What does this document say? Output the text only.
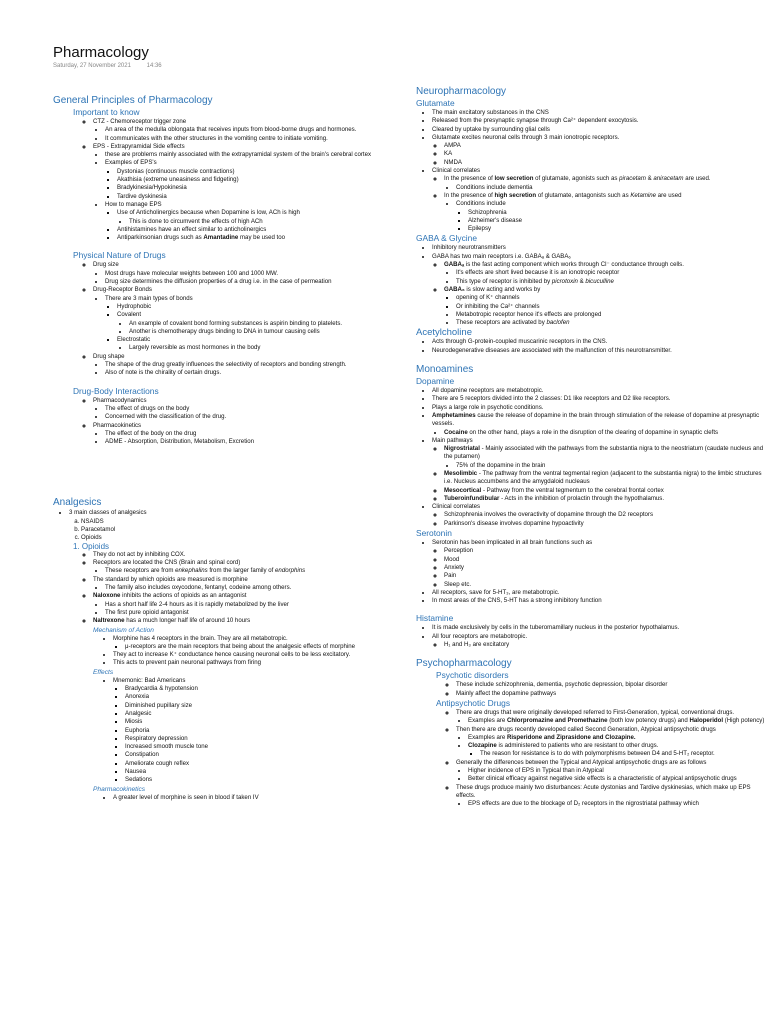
Pharmacology
Saturday, 27 November 2021	14:36
General Principles of Pharmacology
Important to know
◦ CTZ - Chemoreceptor trigger zone
• An area of the medulla oblongata that receives inputs from blood-borne drugs and hormones.
• It communicates with the other structures in the vomiting centre to initiate vomiting.
◦ EPS - Extrapyramidal Side effects
• these are problems mainly associated with the extrapyramidal system of the brain's cerebral cortex
• Examples of EPS's
▪ Dystonias (continuous muscle contractions)
▪ Akathisia (extreme uneasiness and fidgeting)
▪ Bradykinesia/Hypokinesia
▪ Tardive dyskinesia
• How to manage EPS
▪ Use of Anticholinergics because when Dopamine is low, ACh is high
• This is done to circumvent the effects of high ACh
▪ Antihistamines have an effect similar to anticholinergics
▪ Antiparkinsonian drugs such as Amantadine may be used too
Physical Nature of Drugs
◦ Drug size
• Most drugs have molecular weights between 100 and 1000 MW.
• Drug size determines the diffusion properties of a drug i.e. in the case of permeation
◦ Drug-Receptor Bonds
• There are 3 main types of bonds
▪ Hydrophobic
▪ Covalent
• An example of covalent bond forming substances is aspirin binding to platelets.
• Another is chemotherapy drugs binding to DNA in tumour causing cells
▪ Electrostatic
• Largely reversible as most hormones in the body
◦ Drug shape
• The shape of the drug greatly influences the selectivity of receptors and bonding strength.
• Also of note is the chirality of certain drugs.
Drug-Body Interactions
◦ Pharmacodynamics
• The effect of drugs on the body
• Concerned with the classification of the drug.
◦ Pharmacokinetics
• The effect of the body on the drug
• ADME - Absorption, Distribution, Metabolism, Excretion
Analgesics
• 3 main classes of analgesics
a. NSAIDS
b. Paracetamol
c. Opioids
1. Opioids
◦ They do not act by inhibiting COX.
◦ Receptors are located the CNS (Brain and spinal cord)
• These receptors are from enkephalins from the larger family of endorphins
◦ The standard by which opioids are measured is morphine
• The family also includes oxycodone, fentanyl, codeine among others.
◦ Naloxone inhibits the actions of opioids as an antagonist
• Has a short half life 2-4 hours as it is rapidly metabolized by the liver
• The first pure opioid antagonist
◦ Naltrexone has a much longer half life of around 10 hours
Mechanism of Action
• Morphine has 4 receptors in the brain. They are all metabotropic.
▪ μ-receptors are the main receptors that being about the analgesic effects of morphine
• They act to increase K⁺ conductance hence causing neuronal cells to be less excitatory.
• This acts to prevent pain neuronal pathways from firing
Effects
• Mnemonic: Bad Americans
▪ Bradycardia & hypotension
▪ Anorexia
▪ Diminished pupillary size
▪ Analgesic
▪ Miosis
▪ Euphoria
▪ Respiratory depression
▪ Increased smooth muscle tone
▪ Constipation
▪ Ameliorate cough reflex
▪ Nausea
▪ Sedations
Pharmacokinetics
• A greater level of morphine is seen in blood if taken IV
Neuropharmacology
Glutamate
• The main excitatory substances in the CNS
• Released from the presynaptic synapse through Ca²⁺ dependent exocytosis.
• Cleared by uptake by surrounding glial cells
• Glutamate excites neuronal cells through 3 main ionotropic receptors.
◦ AMPA
◦ KA
◦ NMDA
• Clinical correlates
◦ In the presence of low secretion of glutamate, agonists such as piracetam & aniracetam are used.
• Conditions include dementia
◦ In the presence of high secretion of glutamate, antagonists such as Ketamine are used
• Conditions include
▪ Schizophrenia
▪ Alzheimer's disease
▪ Epilepsy
GABA & Glycine
• Inhibitory neurotransmitters
• GABA has two main receptors i.e. GABAₐ & GABA₆
◦ GABAₐ is the fast acting component which works through Cl⁻ conductance through cells.
• It's effects are short lived because it is an ionotropic receptor
• This type of receptor is inhibited by picrotoxin & bicuculline
◦ GABA₆ is slow acting and works by
▪ opening of K⁺ channels
▪ Or inhibiting the Ca²⁺ channels
• Metabotropic receptor hence it's effects are prolonged
• These receptors are activated by baclofen
Acetylcholine
• Acts through G-protein-coupled muscarinic receptors in the CNS.
• Neurodegenerative diseases are associated with the malfunction of this neurotransmitter.
Monoamines
Dopamine
• All dopamine receptors are metabotropic.
• There are 5 receptors divided into the 2 classes: D1 like receptors and D2 like receptors.
• Plays a large role in psychotic conditions.
• Amphetamines cause the release of dopamine in the brain through stimulation of the release of dopamine at presynaptic vessels.
• Cocaine on the other hand, plays a role in the disruption of the clearing of dopamine in synaptic clefts
• Main pathways
◦ Nigrostriatal - Mainly associated with the pathways from the substantia nigra to the neostriatum (caudate nucleus and the putamen)
• 75% of the dopamine in the brain
◦ Mesolimbic - The pathway from the ventral tegmental region (adjacent to the substantia nigra) to the limbic structures i.e. Nucleus accumbens and the amygdaloid nucleaus
◦ Mesocortical - Pathway from the ventral tegmentum to the cerebral frontal cortex
◦ Tuberoinfundibular - Acts in the inhibition of prolactin through the hypothalamus.
• Clinical correlates
◦ Schizophrenia involves the overactivity of dopamine through the D2 receptors
◦ Parkinson's disease involves dopamine hypoactivity
Serotonin
• Serotonin has been implicated in all brain functions such as
◦ Perception
◦ Mood
◦ Anxiety
◦ Pain
◦ Sleep etc.
• All receptors, save for 5-HT₃, are metabotropic.
• In most areas of the CNS, 5-HT has a strong inhibitory function
Histamine
• It is made exclusively by cells in the tuberomamillary nucleus in the posterior hypothalamus.
• All four receptors are metabotropic.
◦ H₁ and H₃ are excitatory
Psychopharmacology
Psychotic disorders
◦ These include schizophrenia, dementia, psychotic depression, bipolar disorder
◦ Mainly affect the dopamine pathways
Antipsychotic Drugs
◦ There are drugs that were originally developed referred to First-Generation, typical, conventional drugs.
• Examples are Chlorpromazine and Promethazine (both low potency drugs) and Haloperidol (High potency)
◦ Then there are drugs recently developed called Second Generation, Atypical antipsychotic drugs
• Examples are Risperidone and Ziprasidone and Clozapine.
• Clozapine is administered to patients who are resistant to other drugs.
▪ The reason for resistance is to do with polymorphisms between D4 and 5-HT₂ receptor.
◦ Generally the differences between the Typical and Atypical antipsychotic drugs are as follows
• Higher incidence of EPS in Typical than in Atypical
• Better clinical efficacy against negative side effects is a characteristic of atypical antipsychotic drugs
◦ These drugs produce mainly two disturbances: Acute dystonias and Tardive dyskinesias, which make up EPS effects.
• EPS effects are due to the blockage of D₂ receptors in the nigrostriatal pathway which
